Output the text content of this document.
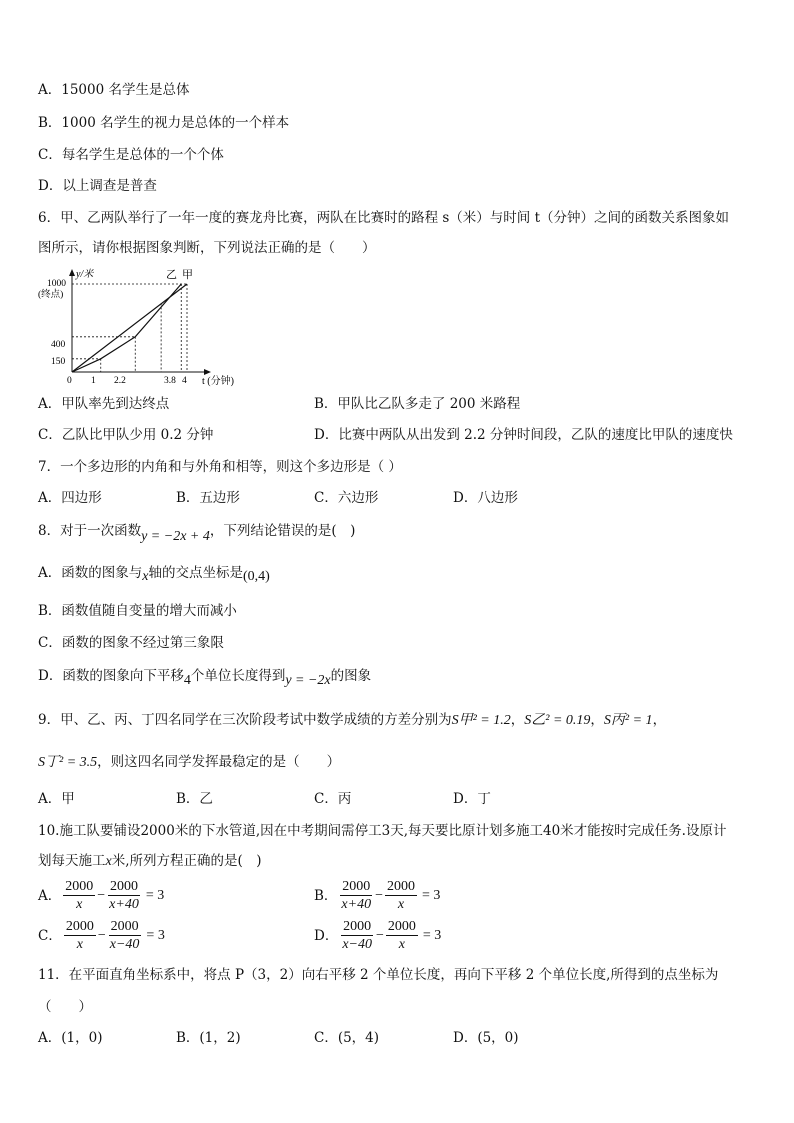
A．15000 名学生是总体
B．1000 名学生的视力是总体的一个样本
C．每名学生是总体的一个个体
D．以上调查是普查
6．甲、乙两队举行了一年一度的赛龙舟比赛，两队在比赛时的路程 s（米）与时间 t（分钟）之间的函数关系图象如
图所示，请你根据图象判断，下列说法正确的是（　　）
y/米
t (分钟)
1000
(终点)
400
150
0 1 2.2	3.8 4
乙 甲
A．甲队率先到达终点	B．甲队比乙队多走了 200 米路程
C．乙队比甲队少用 0.2 分钟	D．比赛中两队从出发到 2.2 分钟时间段，乙队的速度比甲队的速度快
7．一个多边形的内角和与外角和相等，则这个多边形是（ ）
A．四边形	B．五边形	C．六边形	D．八边形
8．对于一次函数y = −2x + 4，下列结论错误的是(　)
A．函数的图象与x轴的交点坐标是(0,4)
B．函数值随自变量的增大而减小
C．函数的图象不经过第三象限
D．函数的图象向下平移4个单位长度得到y = −2x的图象
9．甲、乙、丙、丁四名同学在三次阶段考试中数学成绩的方差分别为S甲² = 1.2，S乙² = 0.19，S丙² = 1，
S丁² = 3.5，则这四名同学发挥最稳定的是（　　）
A．甲	B．乙	C．丙	D．丁
10.施工队要铺设2000米的下水管道,因在中考期间需停工3天,每天要比原计划多施工40米才能按时完成任务.设原计
划每天施工x米,所列方程正确的是(　)
A． $\frac{2000}{x} - \frac{2000}{x+40} = 3$	B． $\frac{2000}{x+40} - \frac{2000}{x} = 3$
C． $\frac{2000}{x} - \frac{2000}{x-40} = 3$	D． $\frac{2000}{x-40} - \frac{2000}{x} = 3$
11．在平面直角坐标系中，将点 P（3，2）向右平移 2 个单位长度，再向下平移 2 个单位长度,所得到的点坐标为
（　　）
A．(1，0)	B．(1，2)	C．(5，4)	D．(5，0)
